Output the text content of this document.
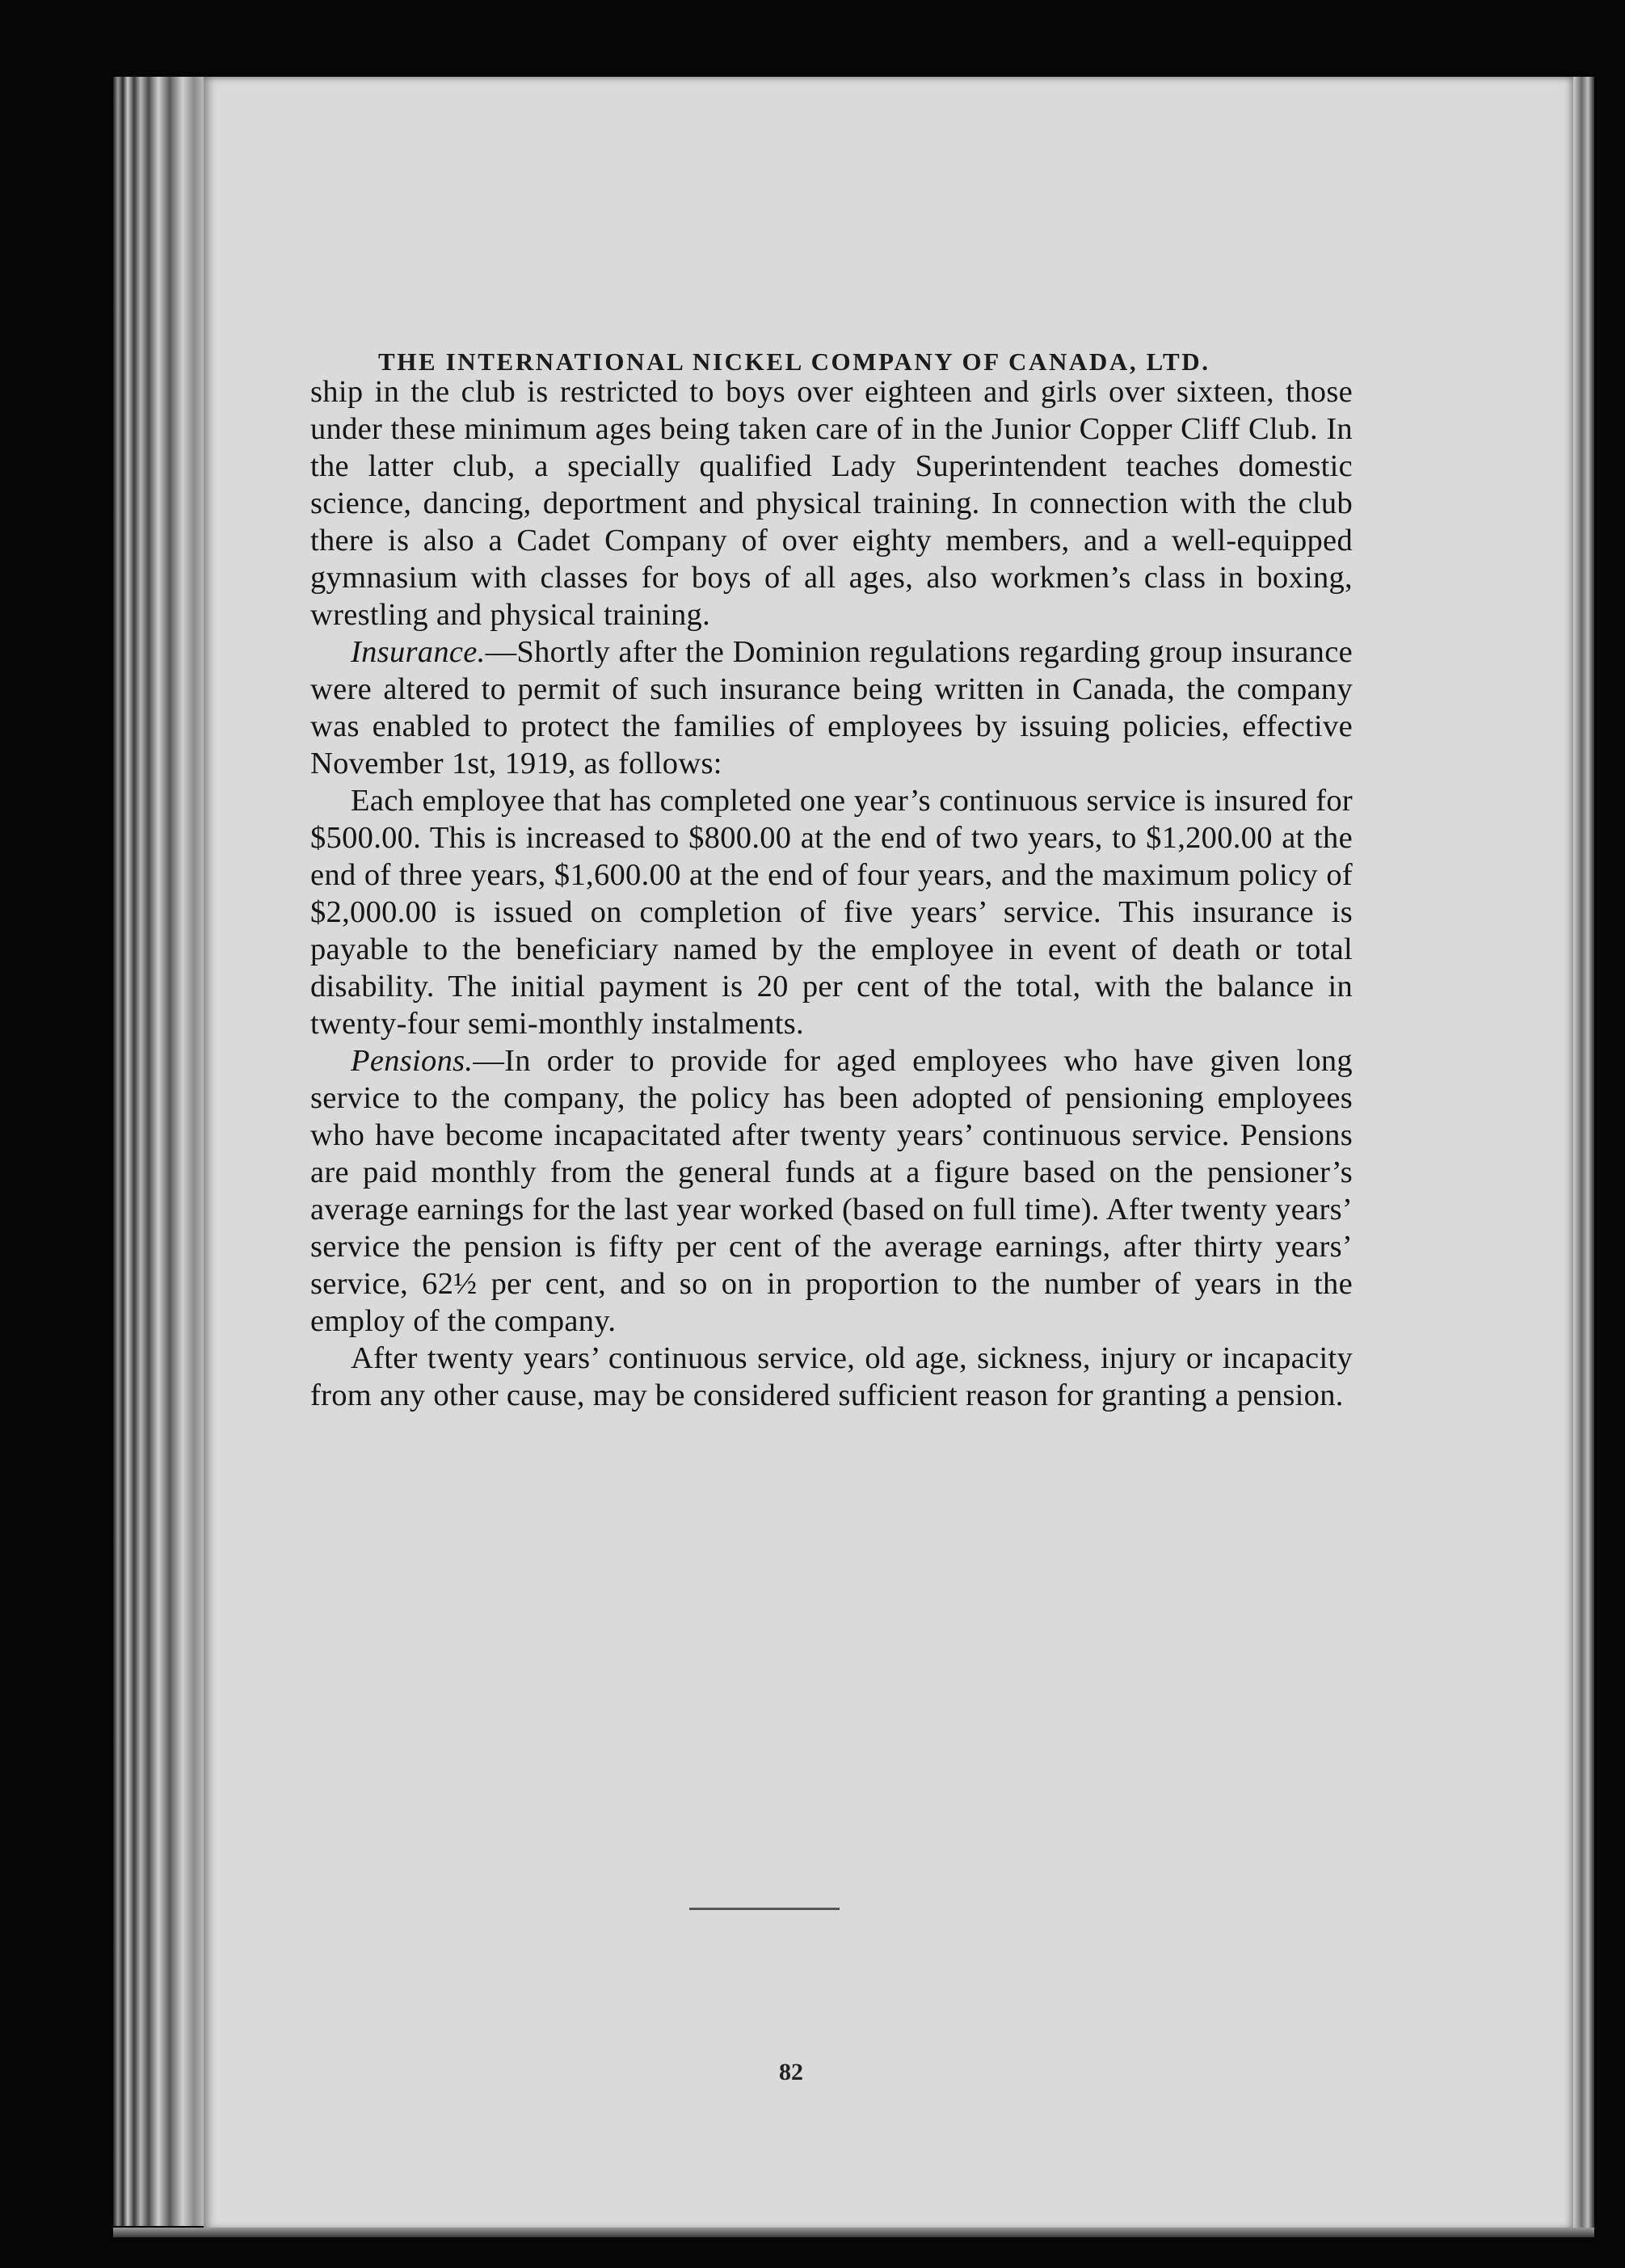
THE INTERNATIONAL NICKEL COMPANY OF CANADA, LTD.

ship in the club is restricted to boys over eighteen and girls over sixteen, those under these minimum ages being taken care of in the Junior Copper Cliff Club. In the latter club, a specially qualified Lady Superintendent teaches domestic science, dancing, deportment and physical training. In connection with the club there is also a Cadet Company of over eighty members, and a well-equipped gymnasium with classes for boys of all ages, also workmen’s class in boxing, wrestling and physical training.

Insurance.—Shortly after the Dominion regulations regarding group insurance were altered to permit of such insurance being written in Canada, the company was enabled to protect the families of employees by issuing policies, effective November 1st, 1919, as follows:

Each employee that has completed one year’s continuous service is insured for $500.00. This is increased to $800.00 at the end of two years, to $1,200.00 at the end of three years, $1,600.00 at the end of four years, and the maximum policy of $2,000.00 is issued on completion of five years’ service. This insurance is payable to the beneficiary named by the employee in event of death or total disability. The initial payment is 20 per cent of the total, with the balance in twenty-four semi-monthly instalments.

Pensions.—In order to provide for aged employees who have given long service to the company, the policy has been adopted of pensioning employees who have become incapacitated after twenty years’ continuous service. Pensions are paid monthly from the general funds at a figure based on the pensioner’s average earnings for the last year worked (based on full time). After twenty years’ service the pension is fifty per cent of the average earnings, after thirty years’ service, 62½ per cent, and so on in proportion to the number of years in the employ of the company.

After twenty years’ continuous service, old age, sickness, injury or incapacity from any other cause, may be considered sufficient reason for granting a pension.

82
